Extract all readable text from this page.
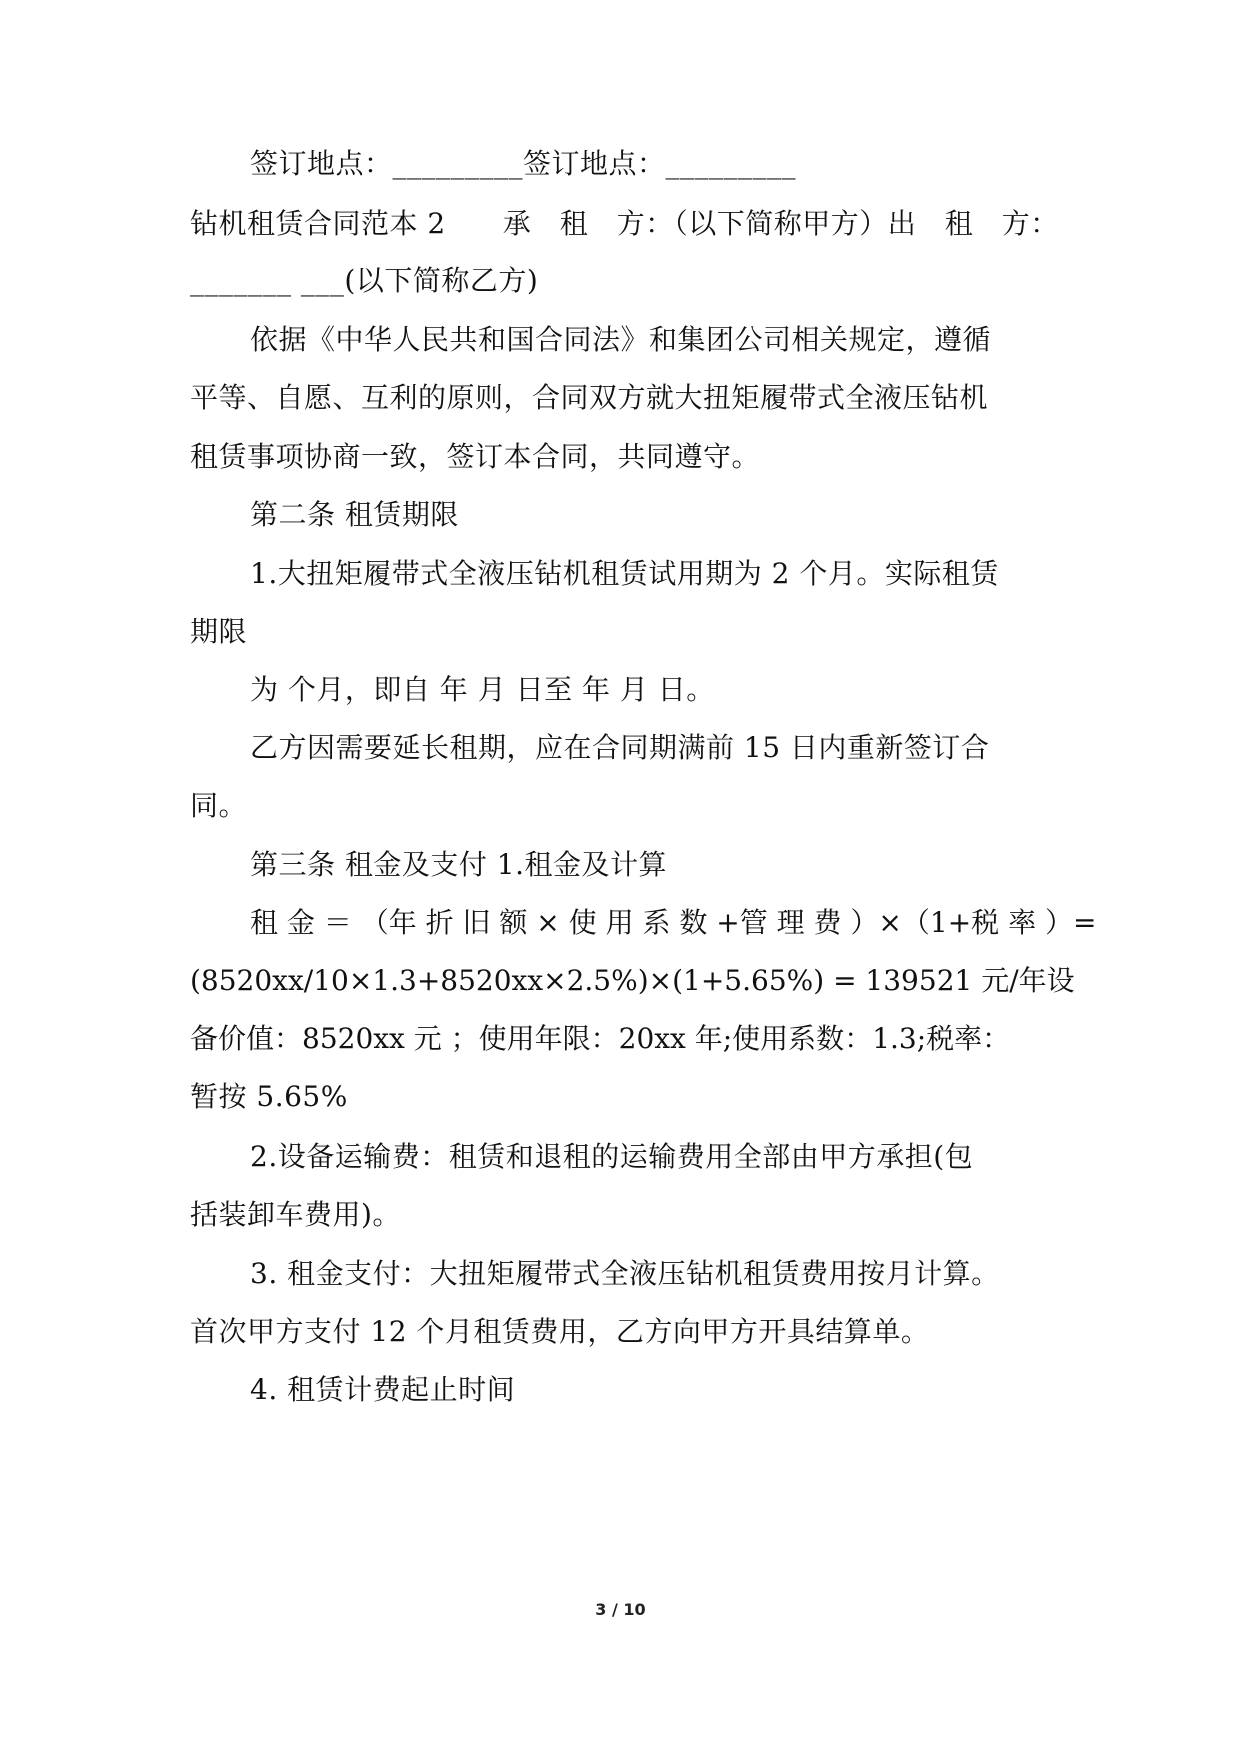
签订地点：_________签订地点：_________
钻机租赁合同范本 2　　承　租　方：（以下简称甲方）出　租　方：
_______ ___(以下简称乙方)
依据《中华人民共和国合同法》和集团公司相关规定，遵循
平等、自愿、互利的原则，合同双方就大扭矩履带式全液压钻机
租赁事项协商一致，签订本合同，共同遵守。
第二条 租赁期限
1.大扭矩履带式全液压钻机租赁试用期为 2 个月。实际租赁
期限
为 个月，即自 年 月 日至 年 月 日。
乙方因需要延长租期，应在合同期满前 15 日内重新签订合
同。
第三条 租金及支付 1.租金及计算
租 金 ＝ （年 折 旧 额 × 使 用 系 数 +管 理 费 ）×（1+税 率 ）=
(8520xx/10×1.3+8520xx×2.5%)×(1+5.65%) = 139521 元/年设
备价值：8520xx 元 ；使用年限：20xx 年;使用系数：1.3;税率：
暂按 5.65%
2.设备运输费：租赁和退租的运输费用全部由甲方承担(包
括装卸车费用)。
3. 租金支付：大扭矩履带式全液压钻机租赁费用按月计算。
首次甲方支付 12 个月租赁费用，乙方向甲方开具结算单。
4. 租赁计费起止时间
3 / 10
